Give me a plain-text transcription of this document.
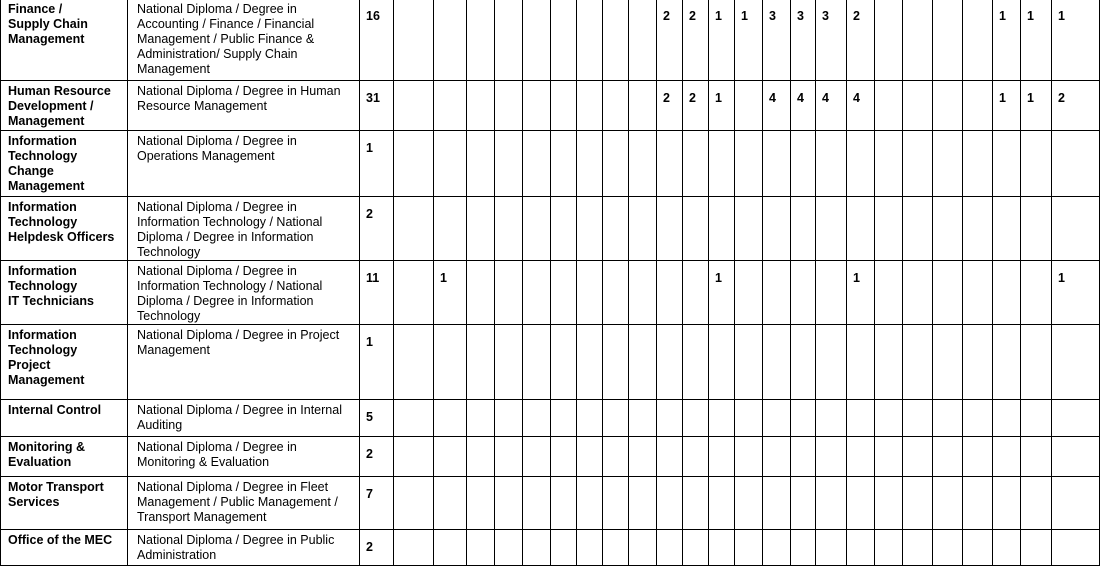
Finance /
Supply Chain
Management	National Diploma / Degree in Accounting / Finance / Financial Management / Public Finance & Administration/ Supply Chain Management	16										2	2	1	1	3	3	3	2					1	1	1

Human Resource
Development /
Management	National Diploma / Degree in Human Resource Management	31										2	2	1		4	4	4	4					1	1	2

Information
Technology
Change
Management	National Diploma / Degree in Operations Management	1																								

Information
Technology
Helpdesk Officers	National Diploma / Degree in Information Technology / National Diploma / Degree in Information Technology	2																								

Information
Technology
IT Technicians	National Diploma / Degree in Information Technology / National Diploma / Degree in Information Technology	11		1										1					1							1

Information
Technology
Project
Management	National Diploma / Degree in Project Management	1																								

Internal Control	National Diploma / Degree in Internal Auditing	5																								

Monitoring &
Evaluation	National Diploma / Degree in Monitoring & Evaluation	2																								

Motor Transport
Services	National Diploma / Degree in Fleet Management / Public Management / Transport Management	7																								

Office of the MEC	National Diploma / Degree in Public Administration	2																								
